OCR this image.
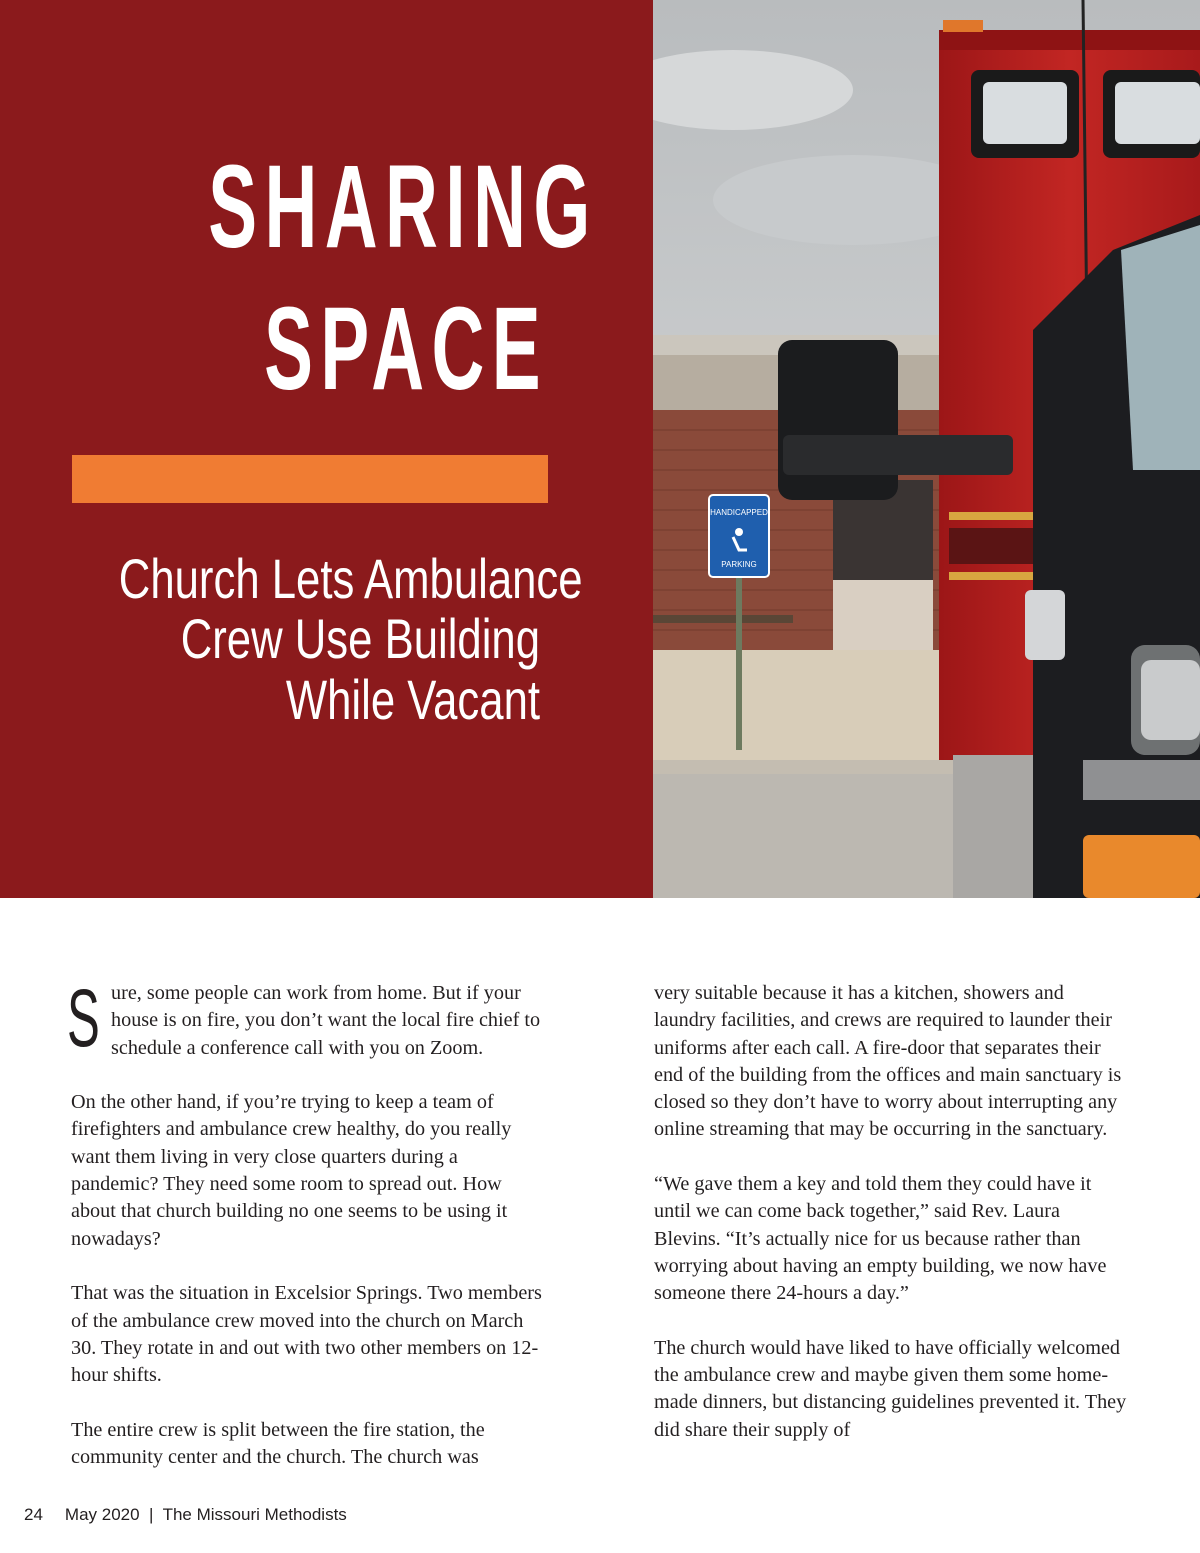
SHARING
SPACE
Church Lets Ambulance
Crew Use Building
While Vacant
HANDICAPPED
PARKING

Sure, some people can work from home. But if your house is on fire, you don’t want the local fire chief to schedule a conference call with you on Zoom.

On the other hand, if you’re trying to keep a team of firefighters and ambulance crew healthy, do you really want them living in very close quarters during a pandemic? They need some room to spread out. How about that church building no one seems to be using it nowadays?

That was the situation in Excelsior Springs. Two members of the ambulance crew moved into the church on March 30. They rotate in and out with two other members on 12-hour shifts.

The entire crew is split between the fire station, the community center and the church. The church was

very suitable because it has a kitchen, showers and laundry facilities, and crews are required to launder their uniforms after each call. A fire-door that separates their end of the building from the offices and main sanctuary is closed so they don’t have to worry about interrupting any online streaming that may be occurring in the sanctuary.

“We gave them a key and told them they could have it until we can come back together,” said Rev. Laura Blevins. “It’s actually nice for us because rather than worrying about having an empty building, we now have someone there 24-hours a day.”

The church would have liked to have officially welcomed the ambulance crew and maybe given them some home-made dinners, but distancing guidelines prevented it. They did share their supply of

24 May 2020  |  The Missouri Methodists
